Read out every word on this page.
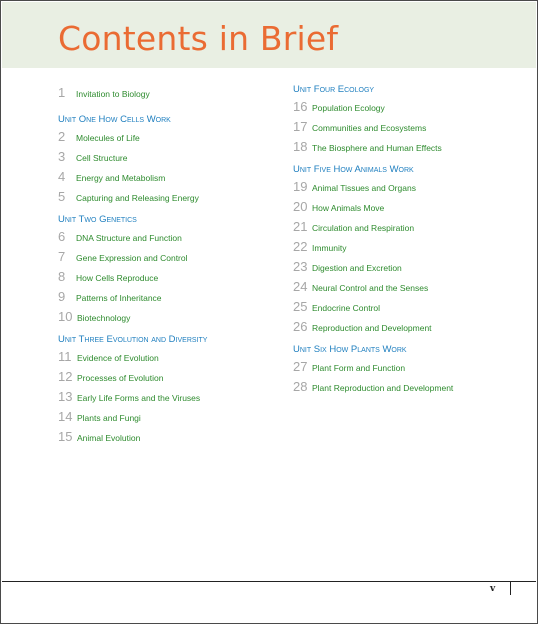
Contents in Brief
1	Invitation to Biology
Unit One How Cells Work
2	Molecules of Life
3	Cell Structure
4	Energy and Metabolism
5	Capturing and Releasing Energy
Unit Two Genetics
6	DNA Structure and Function
7	Gene Expression and Control
8	How Cells Reproduce
9	Patterns of Inheritance
10 Biotechnology
Unit Three Evolution and Diversity
11 Evidence of Evolution
12 Processes of Evolution
13 Early Life Forms and the Viruses
14 Plants and Fungi
15 Animal Evolution
Unit Four Ecology
16 Population Ecology
17 Communities and Ecosystems
18 The Biosphere and Human Effects
Unit Five How Animals Work
19 Animal Tissues and Organs
20 How Animals Move
21 Circulation and Respiration
22 Immunity
23 Digestion and Excretion
24 Neural Control and the Senses
25 Endocrine Control
26 Reproduction and Development
Unit Six How Plants Work
27 Plant Form and Function
28 Plant Reproduction and Development
v
